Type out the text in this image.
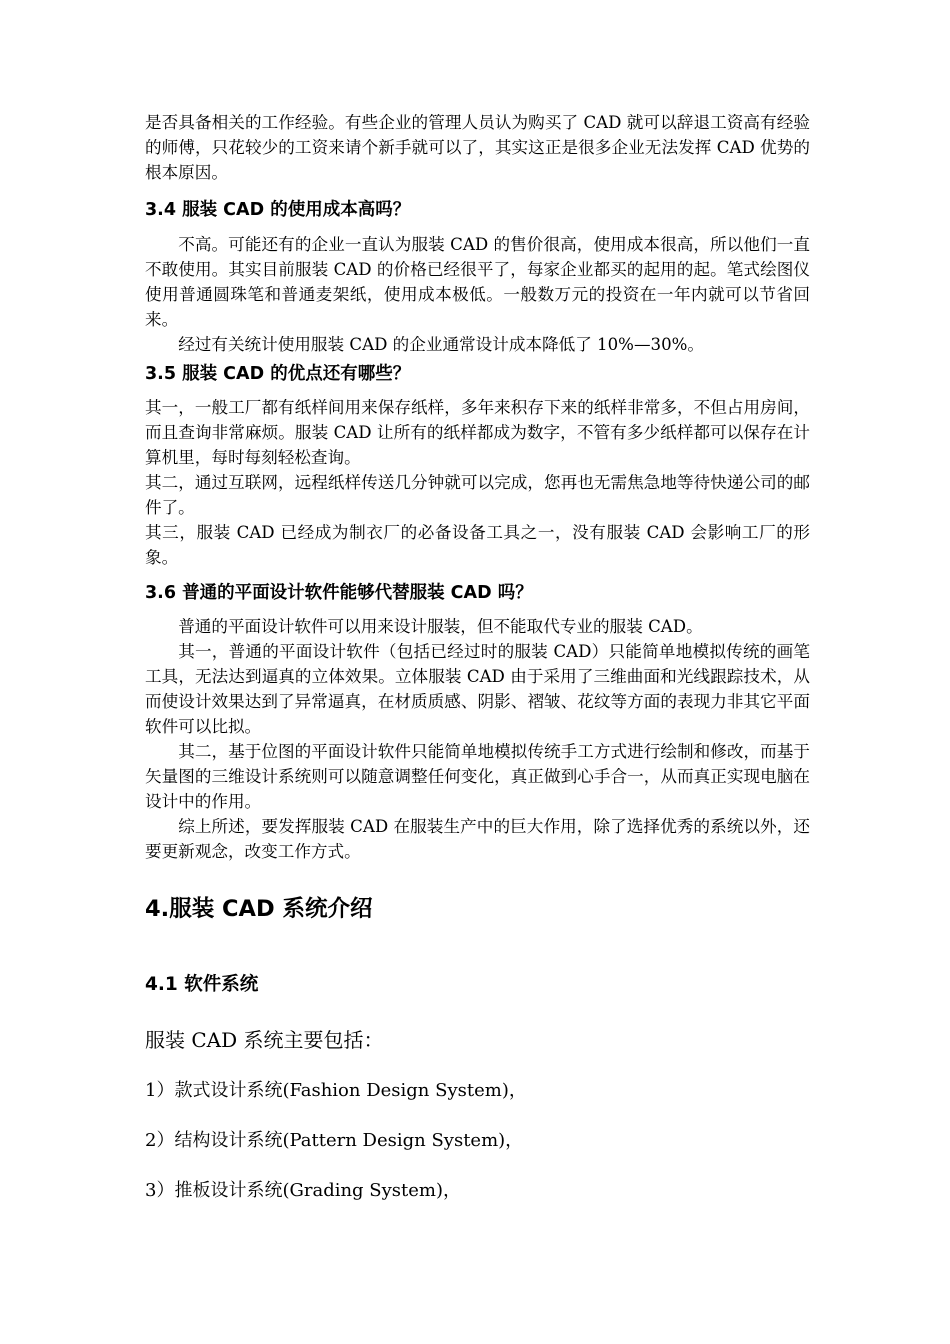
是否具备相关的工作经验。有些企业的管理人员认为购买了 CAD 就可以辞退工资高有经验的师傅，只花较少的工资来请个新手就可以了，其实这正是很多企业无法发挥 CAD 优势的根本原因。

3.4 服装 CAD 的使用成本高吗？

不高。可能还有的企业一直认为服装 CAD 的售价很高，使用成本很高，所以他们一直不敢使用。其实目前服装 CAD 的价格已经很平了，每家企业都买的起用的起。笔式绘图仪使用普通圆珠笔和普通麦架纸，使用成本极低。一般数万元的投资在一年内就可以节省回来。

经过有关统计使用服装 CAD 的企业通常设计成本降低了 10%—30%。

3.5 服装 CAD 的优点还有哪些？

其一，一般工厂都有纸样间用来保存纸样，多年来积存下来的纸样非常多，不但占用房间，而且查询非常麻烦。服装 CAD 让所有的纸样都成为数字，不管有多少纸样都可以保存在计算机里，每时每刻轻松查询。

其二，通过互联网，远程纸样传送几分钟就可以完成，您再也无需焦急地等待快递公司的邮件了。

其三，服装 CAD 已经成为制衣厂的必备设备工具之一，没有服装 CAD 会影响工厂的形象。

3.6 普通的平面设计软件能够代替服装 CAD 吗？

普通的平面设计软件可以用来设计服装，但不能取代专业的服装 CAD。

其一，普通的平面设计软件（包括已经过时的服装 CAD）只能简单地模拟传统的画笔工具，无法达到逼真的立体效果。立体服装 CAD 由于采用了三维曲面和光线跟踪技术，从而使设计效果达到了异常逼真，在材质质感、阴影、褶皱、花纹等方面的表现力非其它平面软件可以比拟。

其二，基于位图的平面设计软件只能简单地模拟传统手工方式进行绘制和修改，而基于矢量图的三维设计系统则可以随意调整任何变化，真正做到心手合一，从而真正实现电脑在设计中的作用。

综上所述，要发挥服装 CAD 在服装生产中的巨大作用，除了选择优秀的系统以外，还要更新观念，改变工作方式。

4.服装 CAD 系统介绍
4.1 软件系统

服装 CAD 系统主要包括：

1）款式设计系统(Fashion Design System)，

2）结构设计系统(Pattern Design System)，

3）推板设计系统(Grading System)，
